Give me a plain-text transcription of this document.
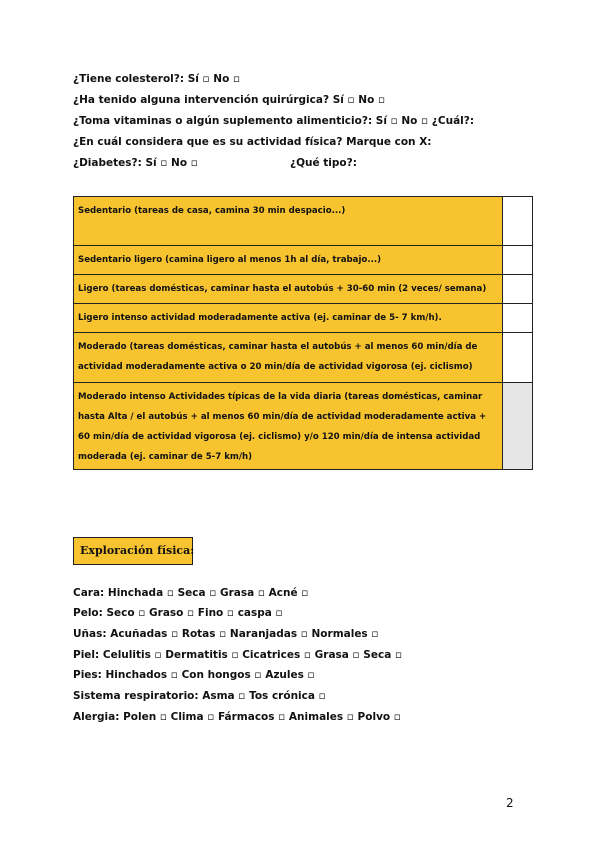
¿Tiene colesterol?: Sí ▫ No ▫
¿Ha tenido alguna intervención quirúrgica? Sí ▫ No ▫
¿Toma vitaminas o algún suplemento alimenticio?: Sí ▫ No ▫ ¿Cuál?:
¿En cuál considera que es su actividad física? Marque con X:
¿Diabetes?: Sí ▫ No ▫	¿Qué tipo?:
Sedentario (tareas de casa, camina 30 min despacio...)	
Sedentario ligero (camina ligero al menos 1h al día, trabajo...)	
Ligero (tareas domésticas, caminar hasta el autobús + 30-60 min (2 veces/ semana)	
Ligero intenso actividad moderadamente activa (ej. caminar de 5- 7 km/h).	
Moderado (tareas domésticas, caminar hasta el autobús + al menos 60 min/día de actividad moderadamente activa o 20 min/día de actividad vigorosa (ej. ciclismo)	
Moderado intenso Actividades típicas de la vida diaria (tareas domésticas, caminar hasta Alta / el autobús + al menos 60 min/día de actividad moderadamente activa + 60 min/día de actividad vigorosa (ej. ciclismo) y/o 120 min/día de intensa actividad moderada (ej. caminar de 5-7 km/h)	
Exploración física:
Cara: Hinchada ▫ Seca ▫ Grasa ▫ Acné ▫
Pelo: Seco ▫ Graso ▫ Fino ▫ caspa ▫
Uñas: Acuñadas ▫ Rotas ▫ Naranjadas ▫ Normales ▫
Piel: Celulitis ▫ Dermatitis ▫ Cicatrices ▫ Grasa ▫ Seca ▫
Pies: Hinchados ▫ Con hongos ▫ Azules ▫
Sistema respiratorio: Asma ▫ Tos crónica ▫
Alergia: Polen ▫ Clima ▫ Fármacos ▫ Animales ▫ Polvo ▫
2
